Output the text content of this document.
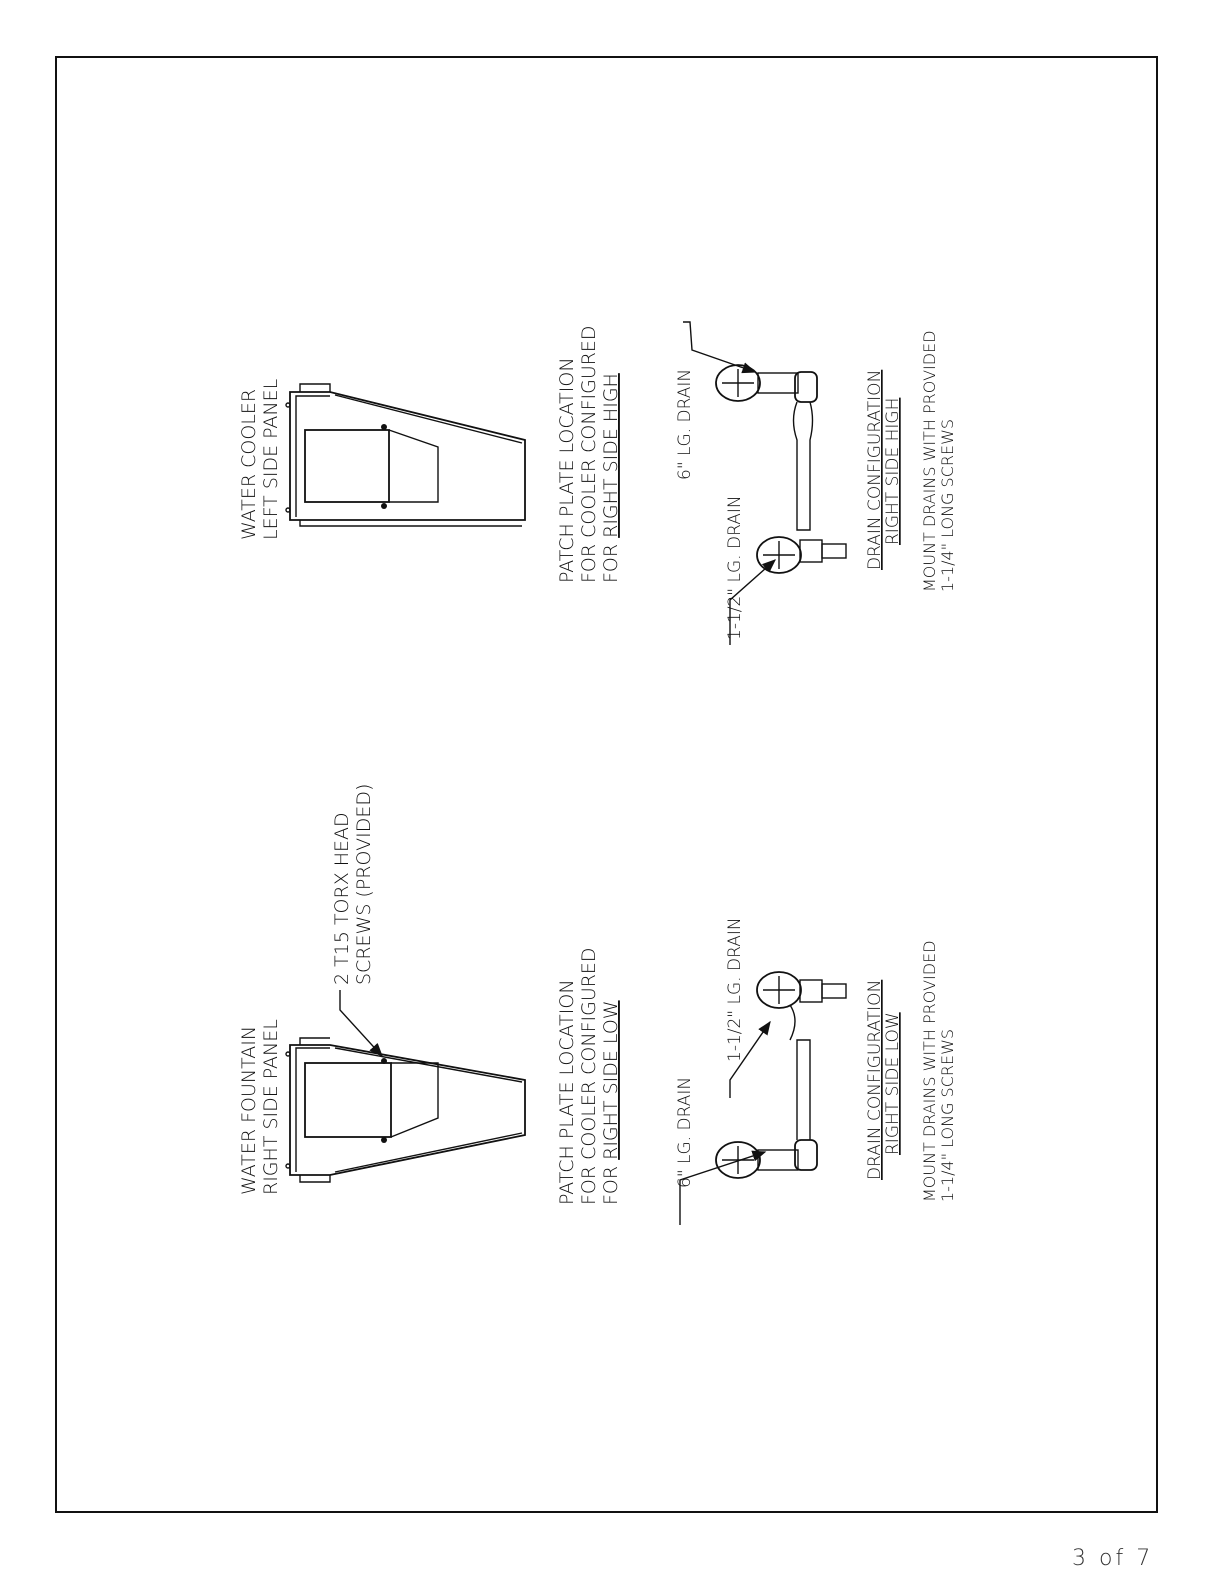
WATER FOUNTAIN RIGHT SIDE PANEL
2 T15 TORX HEAD SCREWS (PROVIDED)
PATCH PLATE LOCATION FOR COOLER CONFIGURED FOR RIGHT SIDE LOW	6" LG. DRAIN
1-1/2" LG. DRAIN	DRAIN CONFIGURATION
RIGHT SIDE LOW MOUNT DRAINS WITH PROVIDED 1-1/4" LONG SCREWS
WATER COOLER LEFT SIDE PANEL	PATCH PLATE LOCATION FOR COOLER CONFIGURED FOR RIGHT SIDE HIGH	6" LG. DRAIN
1-1/2" LG. DRAIN	DRAIN CONFIGURATION
RIGHT SIDE HIGH MOUNT DRAINS WITH PROVIDED 1-1/4" LONG SCREWS
3 of 7
